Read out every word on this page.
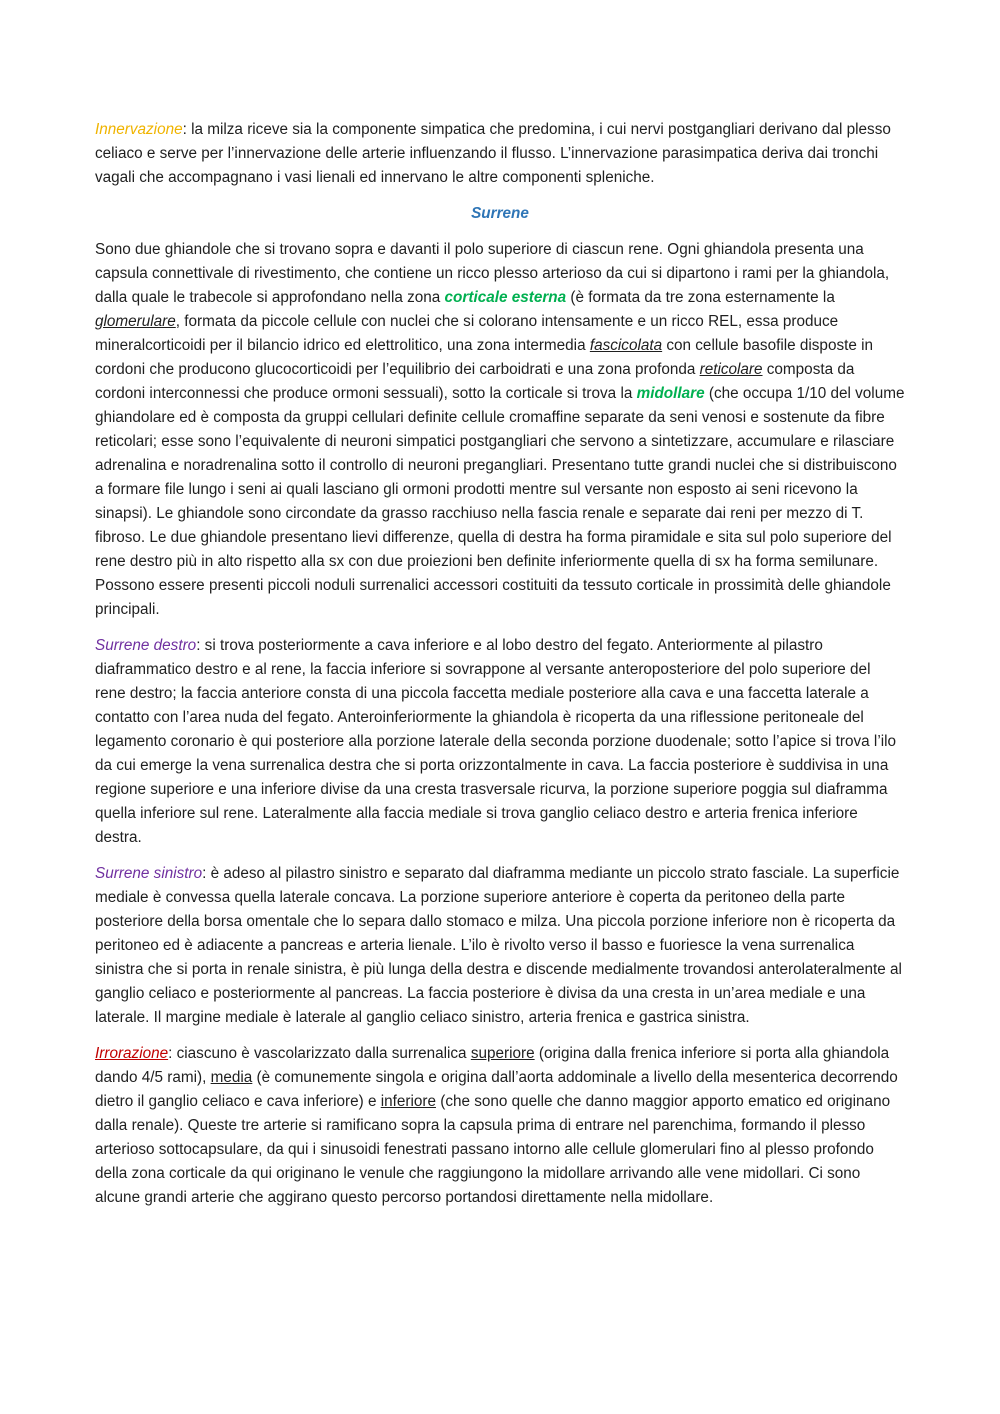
Innervazione: la milza riceve sia la componente simpatica che predomina, i cui nervi postgangliari derivano dal plesso celiaco e serve per l’innervazione delle arterie influenzando il flusso. L’innervazione parasimpatica deriva dai tronchi vagali che accompagnano i vasi lienali ed innervano le altre componenti spleniche.

Surrene

Sono due ghiandole che si trovano sopra e davanti il polo superiore di ciascun rene. Ogni ghiandola presenta una capsula connettivale di rivestimento, che contiene un ricco plesso arterioso da cui si dipartono i rami per la ghiandola, dalla quale le trabecole si approfondano nella zona corticale esterna (è formata da tre zona esternamente la glomerulare, formata da piccole cellule con nuclei che si colorano intensamente e un ricco REL, essa produce mineralcorticoidi per il bilancio idrico ed elettrolitico, una zona intermedia fascicolata con cellule basofile disposte in cordoni che producono glucocorticoidi per l’equilibrio dei carboidrati e una zona profonda reticolare composta da cordoni interconnessi che produce ormoni sessuali), sotto la corticale si trova la midollare (che occupa 1/10 del volume ghiandolare ed è composta da gruppi cellulari definite cellule cromaffine separate da seni venosi e sostenute da fibre reticolari; esse sono l’equivalente di neuroni simpatici postgangliari che servono a sintetizzare, accumulare e rilasciare adrenalina e noradrenalina sotto il controllo di neuroni pregangliari. Presentano tutte grandi nuclei che si distribuiscono a formare file lungo i seni ai quali lasciano gli ormoni prodotti mentre sul versante non esposto ai seni ricevono la sinapsi). Le ghiandole sono circondate da grasso racchiuso nella fascia renale e separate dai reni per mezzo di T. fibroso. Le due ghiandole presentano lievi differenze, quella di destra ha forma piramidale e sita sul polo superiore del rene destro più in alto rispetto alla sx con due proiezioni ben definite inferiormente quella di sx ha forma semilunare. Possono essere presenti piccoli noduli surrenalici accessori costituiti da tessuto corticale in prossimità delle ghiandole principali.

Surrene destro: si trova posteriormente a cava inferiore e al lobo destro del fegato. Anteriormente al pilastro diaframmatico destro e al rene, la faccia inferiore si sovrappone al versante anteroposteriore del polo superiore del rene destro; la faccia anteriore consta di una piccola faccetta mediale posteriore alla cava e una faccetta laterale a contatto con l’area nuda del fegato. Anteroinferiormente la ghiandola è ricoperta da una riflessione peritoneale del legamento coronario è qui posteriore alla porzione laterale della seconda porzione duodenale; sotto l’apice si trova l’ilo da cui emerge la vena surrenalica destra che si porta orizzontalmente in cava. La faccia posteriore è suddivisa in una regione superiore e una inferiore divise da una cresta trasversale ricurva, la porzione superiore poggia sul diaframma quella inferiore sul rene. Lateralmente alla faccia mediale si trova ganglio celiaco destro e arteria frenica inferiore destra.

Surrene sinistro: è adeso al pilastro sinistro e separato dal diaframma mediante un piccolo strato fasciale. La superficie mediale è convessa quella laterale concava. La porzione superiore anteriore è coperta da peritoneo della parte posteriore della borsa omentale che lo separa dallo stomaco e milza. Una piccola porzione inferiore non è ricoperta da peritoneo ed è adiacente a pancreas e arteria lienale. L’ilo è rivolto verso il basso e fuoriesce la vena surrenalica sinistra che si porta in renale sinistra, è più lunga della destra e discende medialmente trovandosi anterolateralmente al ganglio celiaco e posteriormente al pancreas. La faccia posteriore è divisa da una cresta in un’area mediale e una laterale. Il margine mediale è laterale al ganglio celiaco sinistro, arteria frenica e gastrica sinistra.

Irrorazione: ciascuno è vascolarizzato dalla surrenalica superiore (origina dalla frenica inferiore si porta alla ghiandola dando 4/5 rami), media (è comunemente singola e origina dall’aorta addominale a livello della mesenterica decorrendo dietro il ganglio celiaco e cava inferiore) e inferiore (che sono quelle che danno maggior apporto ematico ed originano dalla renale). Queste tre arterie si ramificano sopra la capsula prima di entrare nel parenchima, formando il plesso arterioso sottocapsulare, da qui i sinusoidi fenestrati passano intorno alle cellule glomerulari fino al plesso profondo della zona corticale da qui originano le venule che raggiungono la midollare arrivando alle vene midollari. Ci sono alcune grandi arterie che aggirano questo percorso portandosi direttamente nella midollare.
